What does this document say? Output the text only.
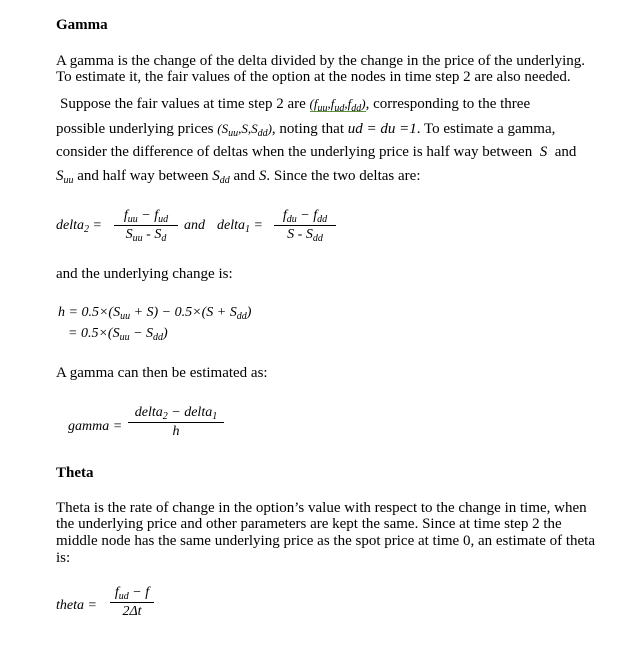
Gamma
A gamma is the change of the delta divided by the change in the price of the underlying.
To estimate it, the fair values of the option at the nodes in time step 2 are also needed.
Suppose the fair values at time step 2 are $(f_{uu},f_{ud},f_{dd})$, corresponding to the three
possible underlying prices $(S_{uu},S,S_{dd})$, noting that ud = du =1. To estimate a gamma,
consider the difference of deltas when the underlying price is half way between  S  and
$S_{uu}$ and half way between $S_{dd}$ and S. Since the two deltas are:
delta$_2$ =
$f_{uu} - f_{ud}$
$S_{uu} - S_d$
and delta$_1$ =
$f_{du} - f_{dd}$
S - $S_{dd}$
and the underlying change is:
$h = 0.5\times(S_{uu} + S) - 0.5\times(S + S_{dd})$
= $0.5\times(S_{uu} - S_{dd})$
A gamma can then be estimated as:
gamma =
delta$_2$ − delta$_1$
h
Theta
Theta is the rate of change in the option’s value with respect to the change in time, when
the underlying price and other parameters are kept the same. Since at time step 2 the
middle node has the same underlying price as the spot price at time 0, an estimate of theta
is:
theta =
$f_{ud} - f$
2Δt
